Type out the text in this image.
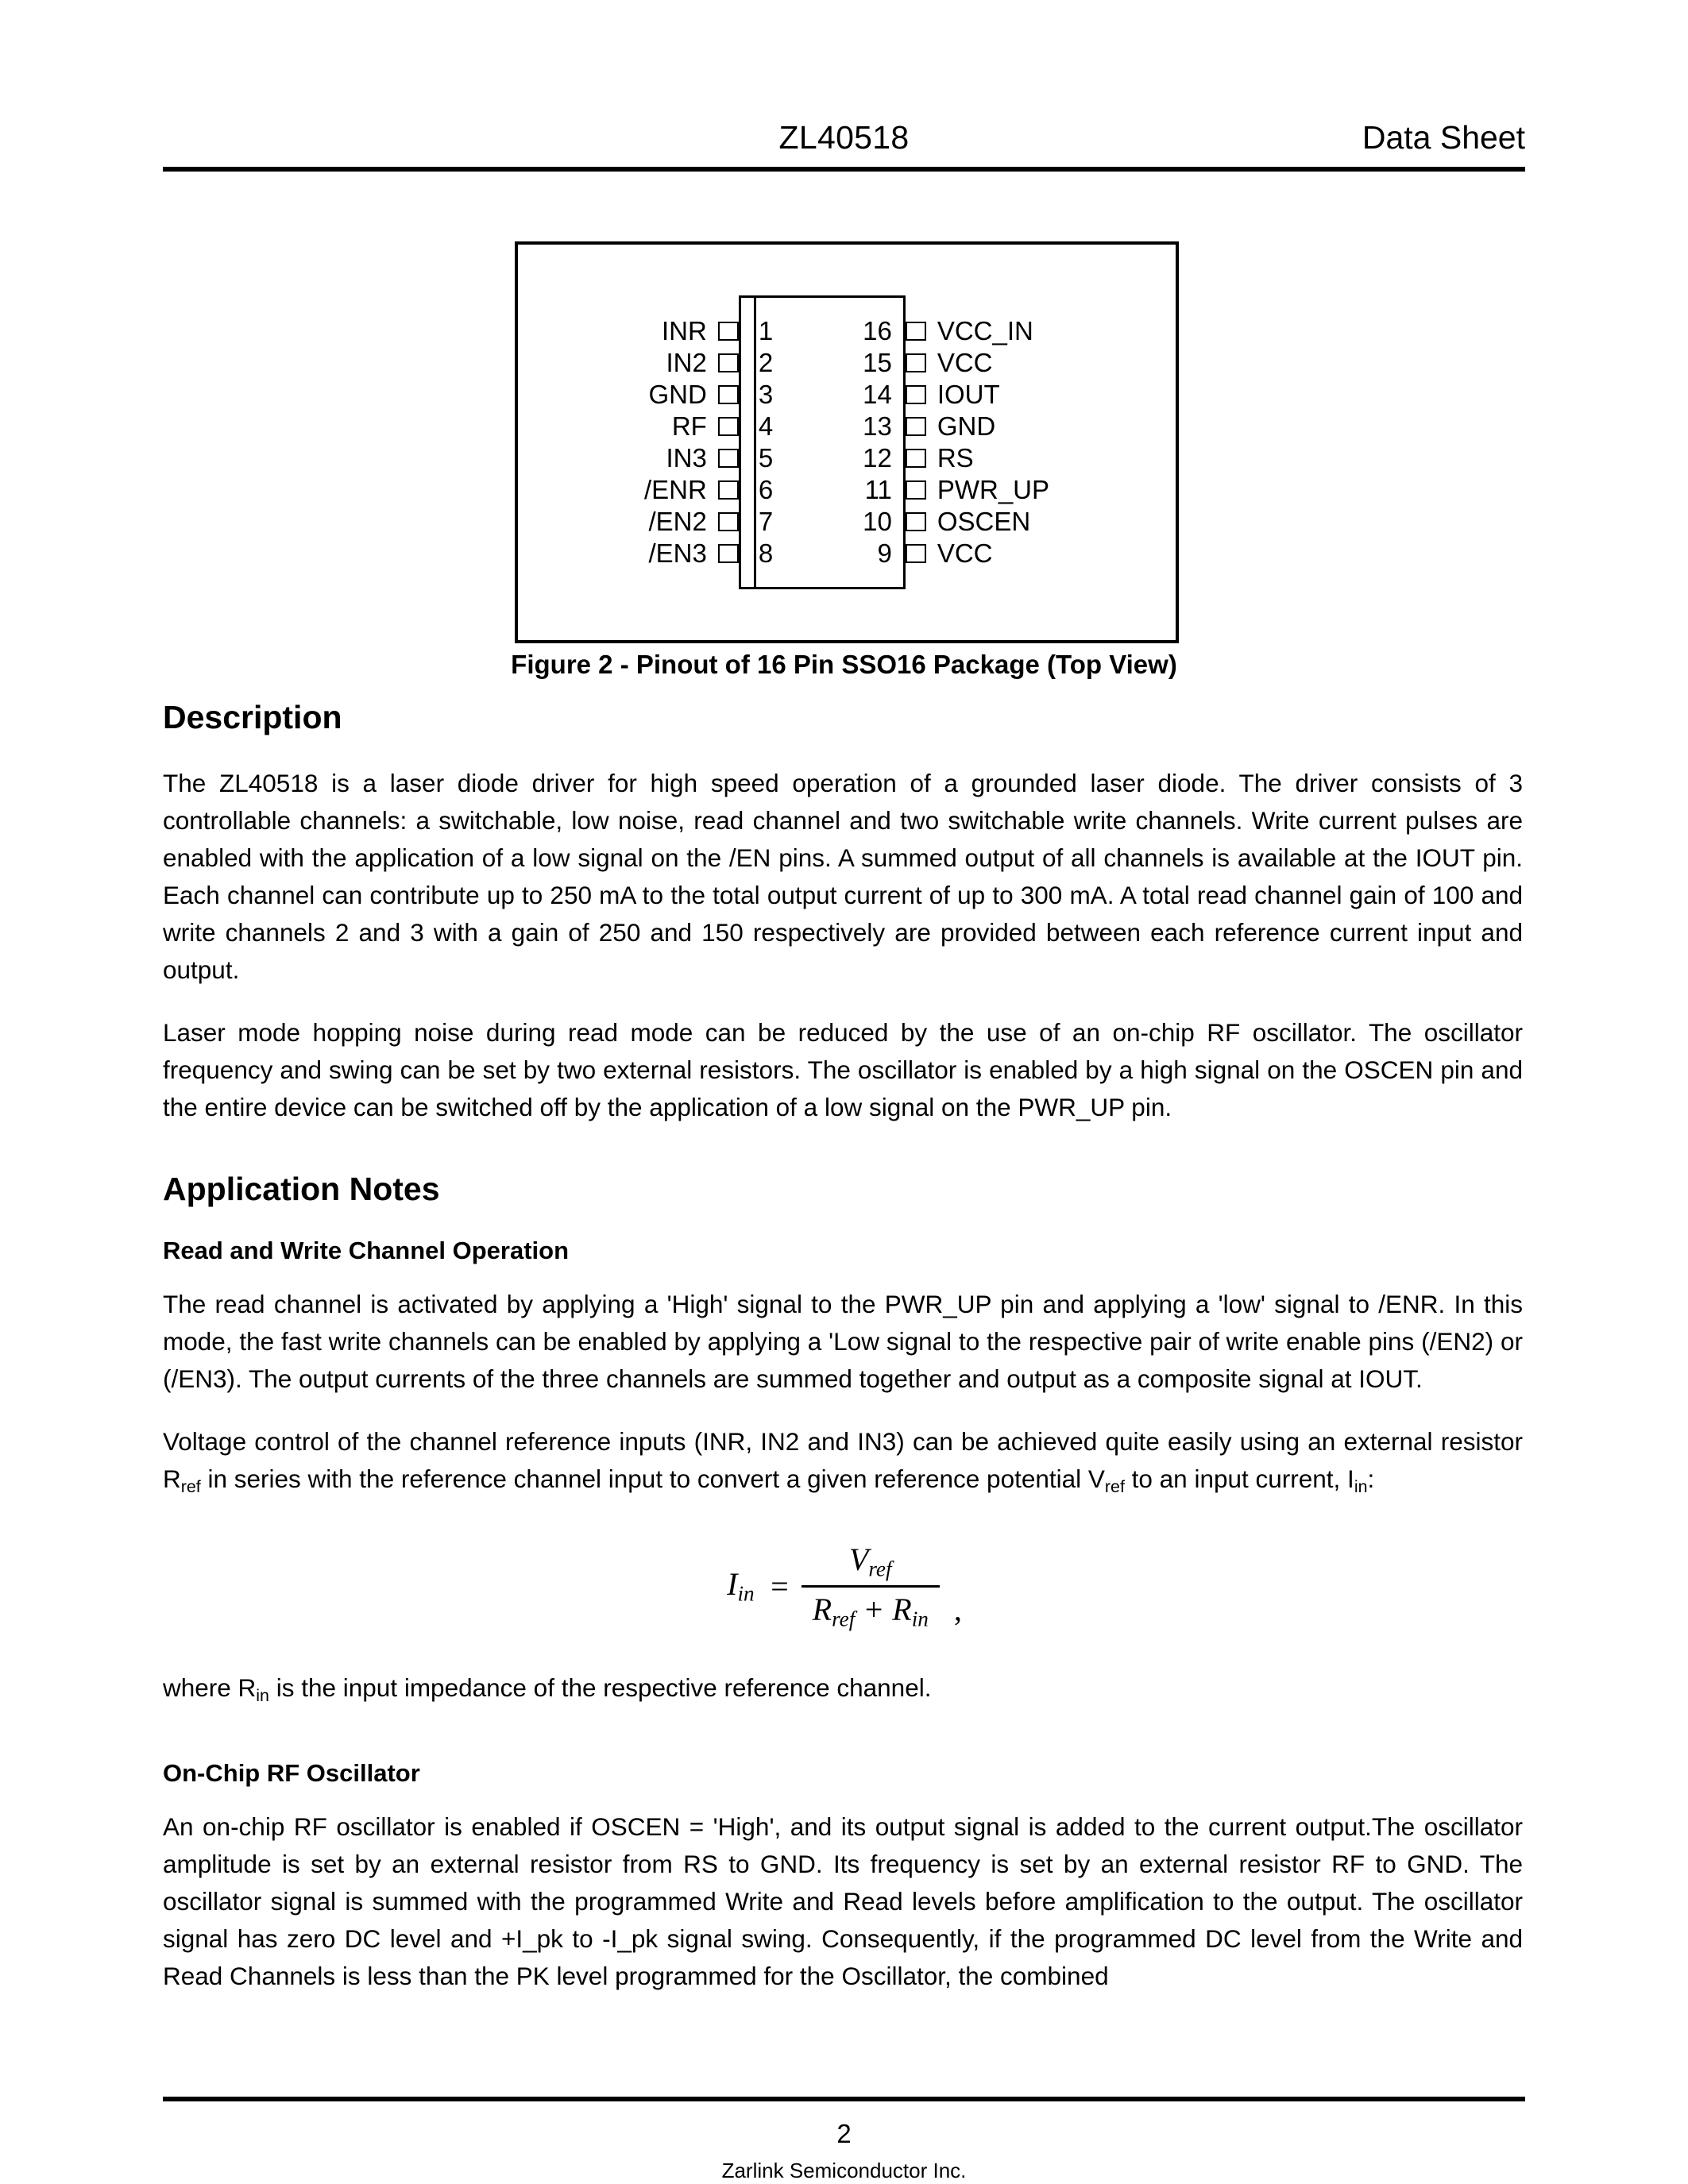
ZL40518	Data Sheet
INR
IN2
GND
RF
IN3
/ENR
/EN2
/EN3
1
2
3
4
5
6
7
8
16
15
14
13
12
11
10
9
VCC_IN
VCC
IOUT
GND
RS
PWR_UP
OSCEN
VCC
Figure 2 - Pinout of 16 Pin SSO16 Package (Top View)
Description

The ZL40518 is a laser diode driver for high speed operation of a grounded laser diode. The driver consists of 3 controllable channels: a switchable, low noise, read channel and two switchable write channels. Write current pulses are enabled with the application of a low signal on the /EN pins. A summed output of all channels is available at the IOUT pin. Each channel can contribute up to 250 mA to the total output current of up to 300 mA. A total read channel gain of 100 and write channels 2 and 3 with a gain of 250 and 150 respectively are provided between each reference current input and output.

Laser mode hopping noise during read mode can be reduced by the use of an on-chip RF oscillator. The oscillator frequency and swing can be set by two external resistors. The oscillator is enabled by a high signal on the OSCEN pin and the entire device can be switched off by the application of a low signal on the PWR_UP pin.

Application Notes
Read and Write Channel Operation

The read channel is activated by applying a 'High' signal to the PWR_UP pin and applying a 'low' signal to /ENR. In this mode, the fast write channels can be enabled by applying a 'Low signal to the respective pair of write enable pins (/EN2) or (/EN3). The output currents of the three channels are summed together and output as a composite signal at IOUT.

Voltage control of the channel reference inputs (INR, IN2 and IN3) can be achieved quite easily using an external resistor $R_{ref}$ in series with the reference channel input to convert a given reference potential $V_{ref}$ to an input current, $I_{in}$:

$I_{in} = \frac{V_{ref}}{R_{ref} + R_{in}}$ ,

where $R_{in}$ is the input impedance of the respective reference channel.

On-Chip RF Oscillator

An on-chip RF oscillator is enabled if OSCEN = 'High', and its output signal is added to the current output.The oscillator amplitude is set by an external resistor from RS to GND. Its frequency is set by an external resistor RF to GND. The oscillator signal is summed with the programmed Write and Read levels before amplification to the output. The oscillator signal has zero DC level and +I_pk to -I_pk signal swing. Consequently, if the programmed DC level from the Write and Read Channels is less than the PK level programmed for the Oscillator, the combined

2
Zarlink Semiconductor Inc.
